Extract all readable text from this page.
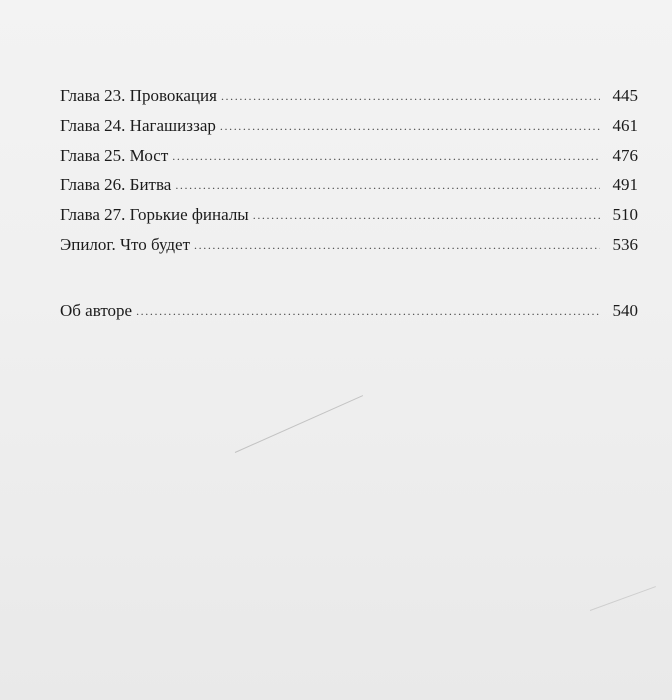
Глава 23. Провокация .....	445
Глава 24. Нагашиззар .....	461
Глава 25. Мост .....	476
Глава 26. Битва .....	491
Глава 27. Горькие финалы .....	510
Эпилог. Что будет .....	536
Об авторе .....	540
